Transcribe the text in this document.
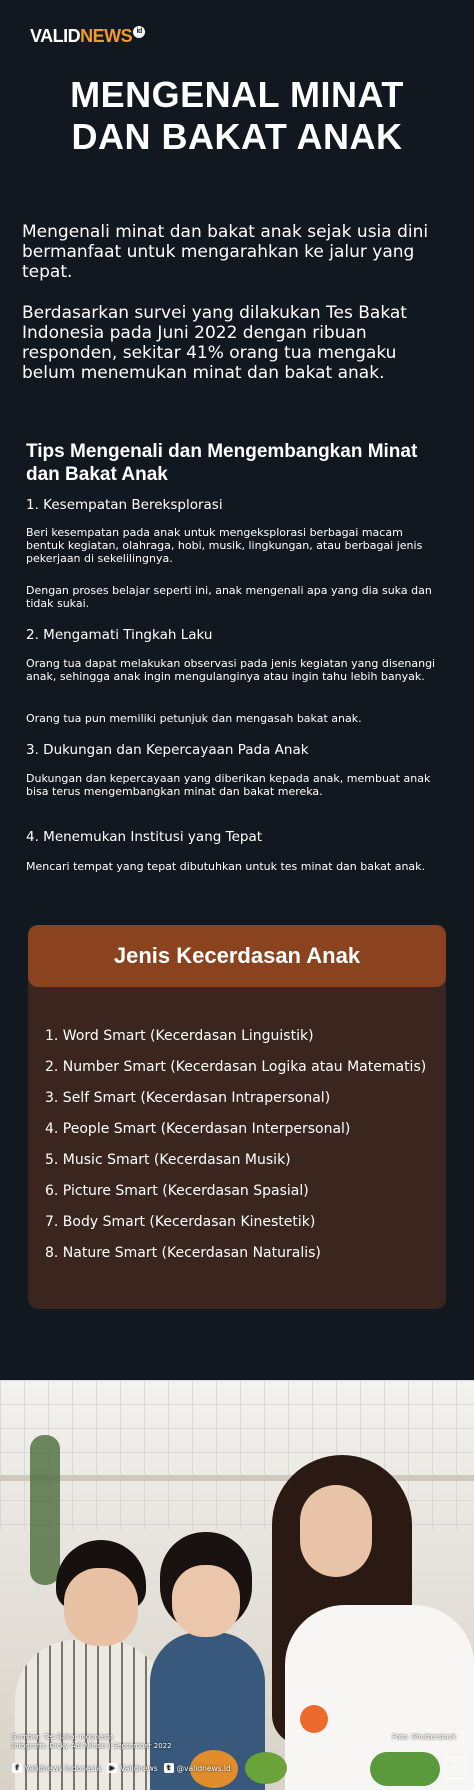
VALIDNEWS id
MENGENAL MINAT
DAN BAKAT ANAK
Mengenali minat dan bakat anak sejak usia dini bermanfaat untuk mengarahkan ke jalur yang tepat.
Berdasarkan survei yang dilakukan Tes Bakat Indonesia pada Juni 2022 dengan ribuan responden, sekitar 41% orang tua mengaku belum menemukan minat dan bakat anak.
Tips Mengenali dan Mengembangkan Minat dan Bakat Anak
1. Kesempatan Bereksplorasi
Beri kesempatan pada anak untuk mengeksplorasi berbagai macam bentuk kegiatan, olahraga, hobi, musik, lingkungan, atau berbagai jenis pekerjaan di sekelilingnya.
Dengan proses belajar seperti ini, anak mengenali apa yang dia suka dan tidak sukai.
2. Mengamati Tingkah Laku
Orang tua dapat melakukan observasi pada jenis kegiatan yang disenangi anak, sehingga anak ingin mengulanginya atau ingin tahu lebih banyak.
Orang tua pun memiliki petunjuk dan mengasah bakat anak.
3. Dukungan dan Kepercayaan Pada Anak
Dukungan dan kepercayaan yang diberikan kepada anak, membuat anak bisa terus mengembangkan minat dan bakat mereka.
4. Menemukan Institusi yang Tepat
Mencari tempat yang tepat dibutuhkan untuk tes minat dan bakat anak.
Jenis Kecerdasan Anak
1. Word Smart (Kecerdasan Linguistik)
2. Number Smart (Kecerdasan Logika atau Matematis)
3. Self Smart (Kecerdasan Intrapersonal)
4. People Smart (Kecerdasan Interpersonal)
5. Music Smart (Kecerdasan Musik)
6. Picture Smart (Kecerdasan Spasial)
7. Body Smart (Kecerdasan Kinestetik)
8. Nature Smart (Kecerdasan Naturalis)
Sumber: Tes Bakat Indonesia
Infografis: Dicky Adi Nihaki | September 2022
Foto: Shutterstock
f Validnews Indonesia	▶ Validnews	t @validnews.id	⌁
